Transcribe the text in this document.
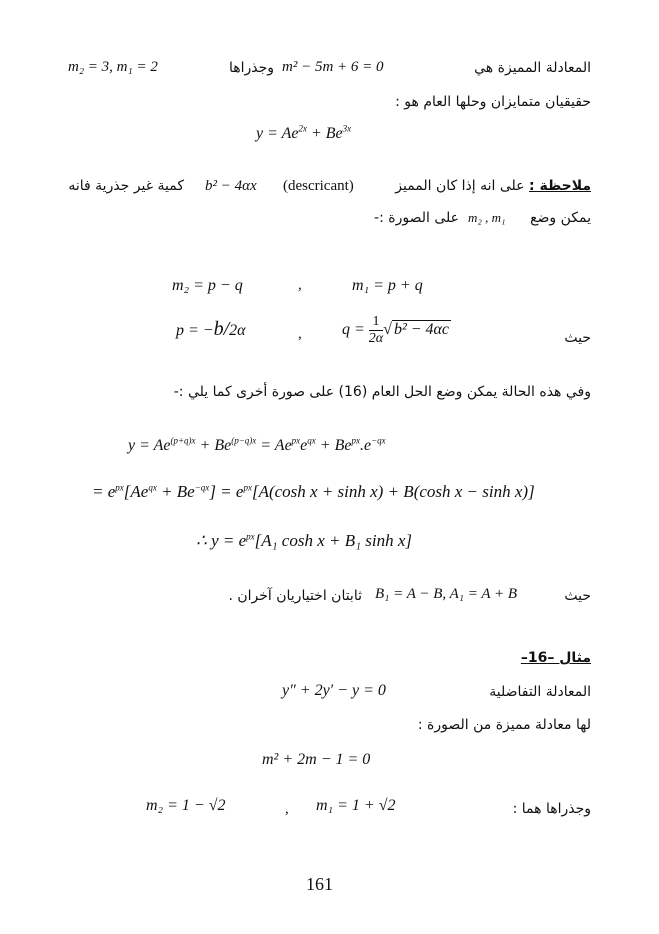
المعادلة المميزة هي
m² − 5m + 6 = 0
وجذراها
m₂ = 3, m₁ = 2
حقيقيان متمايزان وحلها العام هو :
$y = Ae^{2x} + Be^{3x}$
ملاحظة : على انه إذا كان المميز
(descricant)
b² − 4αx
كمية غير جذرية فانه
يمكن وضع
m₂ , m₁
على الصورة :-
m₂ = p − q	,	m₁ = p + q
p = −b/2α	,	$q = \frac{1}{2\alpha}$ √ b² − 4αc	حيث
وفي هذه الحالة يمكن وضع الحل العام (16) على صورة أخرى كما يلي :-
$y = Ae^{(p+q)x} + Be^{(p-q)x} = Ae^{px}e^{qx} + Be^{px}.e^{-qx}$
= $e^{px}[Ae^{qx} + Be^{-qx}] = e^{px}[A(\cosh$ x + sinh x) + B(cosh x − sinh x)]
∴ $y = e^{px}[A_1$ cosh x + B₁ sinh x]
حيث
B₁ = A − B, A₁ = A + B
ثابتان اختياريان آخران .
مثال –16–
المعادلة التفاضلية
y″ + 2y′ − y = 0
لها معادلة مميزة من الصورة :
m² + 2m − 1 = 0
وجذراها هما :
m₁ = 1 + √2
,
m₂ = 1 − √2
161
